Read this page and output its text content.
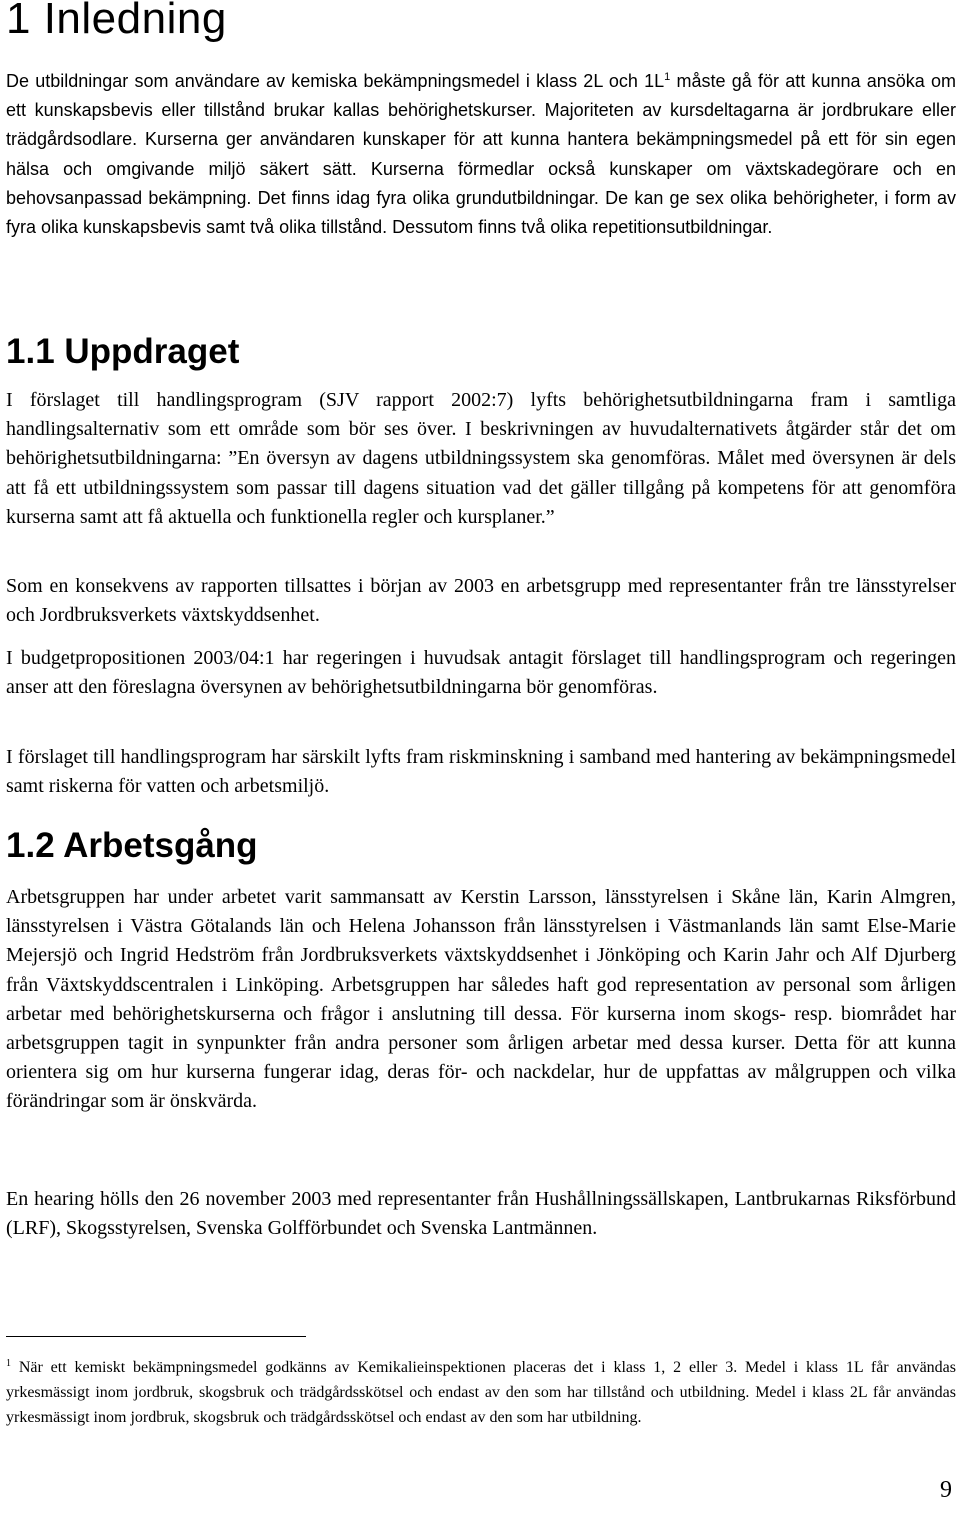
1 Inledning

De utbildningar som användare av kemiska bekämpningsmedel i klass 2L och $1L^1$ måste gå för att kunna ansöka om ett kunskapsbevis eller tillstånd brukar kallas behörighetskurser. Majoriteten av kursdeltagarna är jordbrukare eller trädgårdsodlare. Kurserna ger användaren kunskaper för att kunna hantera bekämpningsmedel på ett för sin egen hälsa och omgivande miljö säkert sätt. Kurserna förmedlar också kunskaper om växtskadegörare och en behovsanpassad bekämpning. Det finns idag fyra olika grundutbildningar. De kan ge sex olika behörigheter, i form av fyra olika kunskapsbevis samt två olika tillstånd. Dessutom finns två olika repetitionsutbildningar.

1.1 Uppdraget

I förslaget till handlingsprogram (SJV rapport 2002:7) lyfts behörighetsutbildningarna fram i samtliga handlingsalternativ som ett område som bör ses över. I beskrivningen av huvudalternativets åtgärder står det om behörighetsutbildningarna: ”En översyn av dagens utbildningssystem ska genomföras. Målet med översynen är dels att få ett utbildningssystem som passar till dagens situation vad det gäller tillgång på kompetens för att genomföra kurserna samt att få aktuella och funktionella regler och kursplaner.”

Som en konsekvens av rapporten tillsattes i början av 2003 en arbetsgrupp med representanter från tre länsstyrelser och Jordbruksverkets växtskyddsenhet.

I budgetpropositionen 2003/04:1 har regeringen i huvudsak antagit förslaget till handlingsprogram och regeringen anser att den föreslagna översynen av behörighetsutbildningarna bör genomföras.

I förslaget till handlingsprogram har särskilt lyfts fram riskminskning i samband med hantering av bekämpningsmedel samt riskerna för vatten och arbetsmiljö.

1.2 Arbetsgång

Arbetsgruppen har under arbetet varit sammansatt av Kerstin Larsson, länsstyrelsen i Skåne län, Karin Almgren, länsstyrelsen i Västra Götalands län och Helena Johansson från länsstyrelsen i Västmanlands län samt Else-Marie Mejersjö och Ingrid Hedström från Jordbruksverkets växtskyddsenhet i Jönköping och Karin Jahr och Alf Djurberg från Växtskyddscentralen i Linköping. Arbetsgruppen har således haft god representation av personal som årligen arbetar med behörighetskurserna och frågor i anslutning till dessa. För kurserna inom skogs- resp. biområdet har arbetsgruppen tagit in synpunkter från andra personer som årligen arbetar med dessa kurser. Detta för att kunna orientera sig om hur kurserna fungerar idag, deras för- och nackdelar, hur de uppfattas av målgruppen och vilka förändringar som är önskvärda.

En hearing hölls den 26 november 2003 med representanter från Hushållningssällskapen, Lantbrukarnas Riksförbund (LRF), Skogsstyrelsen, Svenska Golfförbundet och Svenska Lantmännen.

$^1$ När ett kemiskt bekämpningsmedel godkänns av Kemikalieinspektionen placeras det i klass 1, 2 eller 3. Medel i klass 1L får användas yrkesmässigt inom jordbruk, skogsbruk och trädgårdsskötsel och endast av den som har tillstånd och utbildning. Medel i klass 2L får användas yrkesmässigt inom jordbruk, skogsbruk och trädgårdsskötsel och endast av den som har utbildning.

9
